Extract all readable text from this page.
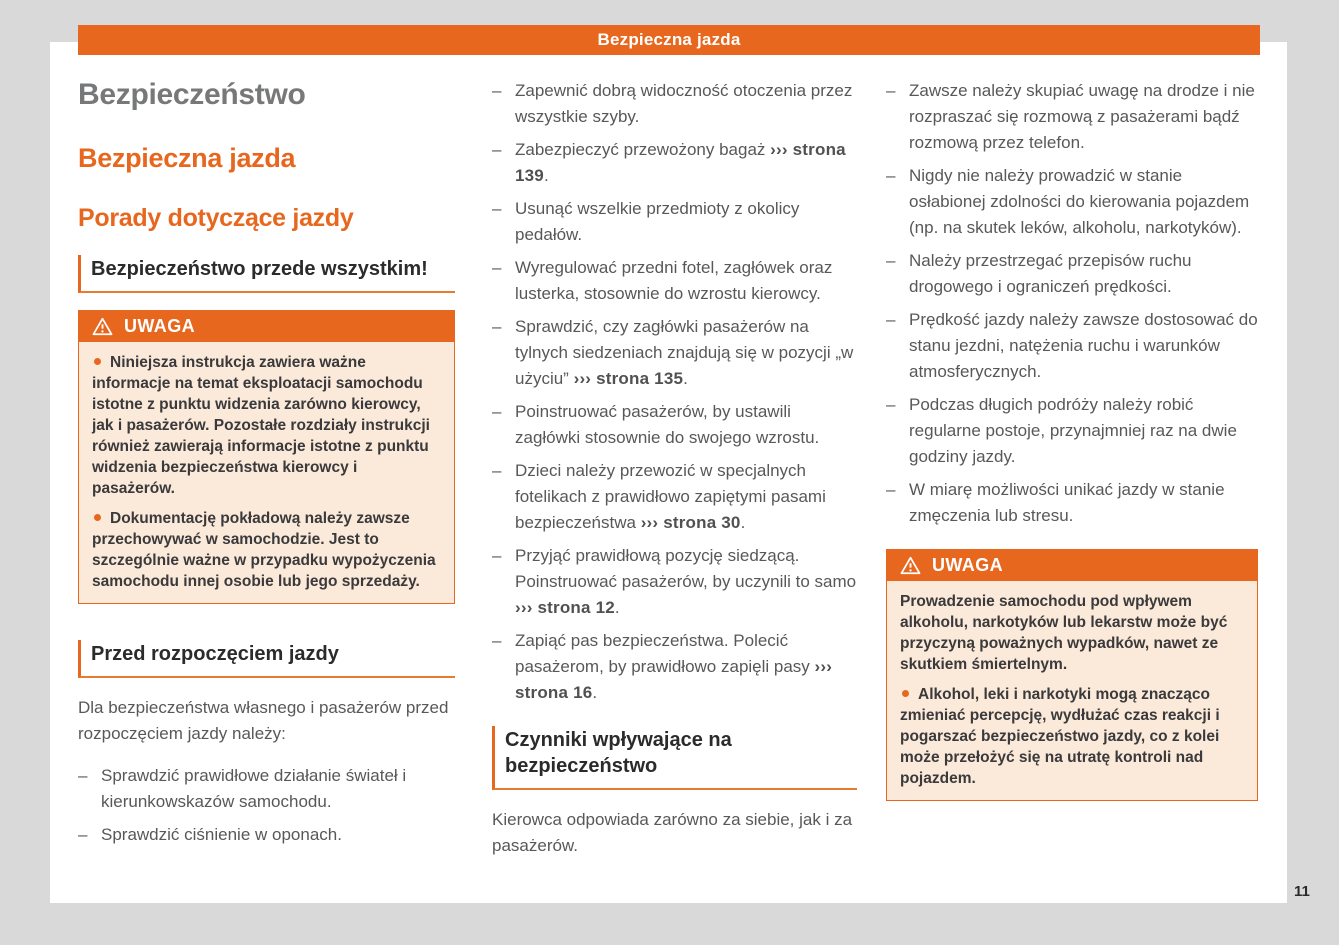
Bezpieczna jazda
Bezpieczeństwo
Bezpieczna jazda
Porady dotyczące jazdy
Bezpieczeństwo przede wszystkim!
UWAGA

Niniejsza instrukcja zawiera ważne informacje na temat eksploatacji samochodu istotne z punktu widzenia zarówno kierowcy, jak i pasażerów. Pozostałe rozdziały instrukcji również zawierają informacje istotne z punktu widzenia bezpieczeństwa kierowcy i pasażerów.

Dokumentację pokładową należy zawsze przechowywać w samochodzie. Jest to szczególnie ważne w przypadku wypożyczenia samochodu innej osobie lub jego sprzedaży.

Przed rozpoczęciem jazdy

Dla bezpieczeństwa własnego i pasażerów przed rozpoczęciem jazdy należy:

– Sprawdzić prawidłowe działanie świateł i kierunkowskazów samochodu.
– Sprawdzić ciśnienie w oponach.
– Zapewnić dobrą widoczność otoczenia przez wszystkie szyby.
– Zabezpieczyć przewożony bagaż ››› strona 139.
– Usunąć wszelkie przedmioty z okolicy pedałów.
– Wyregulować przedni fotel, zagłówek oraz lusterka, stosownie do wzrostu kierowcy.
– Sprawdzić, czy zagłówki pasażerów na tylnych siedzeniach znajdują się w pozycji „w użyciu” ››› strona 135.
– Poinstruować pasażerów, by ustawili zagłówki stosownie do swojego wzrostu.
– Dzieci należy przewozić w specjalnych fotelikach z prawidłowo zapiętymi pasami bezpieczeństwa ››› strona 30.
– Przyjąć prawidłową pozycję siedzącą. Poinstruować pasażerów, by uczynili to samo ››› strona 12.
– Zapiąć pas bezpieczeństwa. Polecić pasażerom, by prawidłowo zapięli pasy ››› strona 16.
Czynniki wpływające na bezpieczeństwo

Kierowca odpowiada zarówno za siebie, jak i za pasażerów.

– Zawsze należy skupiać uwagę na drodze i nie rozpraszać się rozmową z pasażerami bądź rozmową przez telefon.
– Nigdy nie należy prowadzić w stanie osłabionej zdolności do kierowania pojazdem (np. na skutek leków, alkoholu, narkotyków).
– Należy przestrzegać przepisów ruchu drogowego i ograniczeń prędkości.
– Prędkość jazdy należy zawsze dostosować do stanu jezdni, natężenia ruchu i warunków atmosferycznych.
– Podczas długich podróży należy robić regularne postoje, przynajmniej raz na dwie godziny jazdy.
– W miarę możliwości unikać jazdy w stanie zmęczenia lub stresu.
UWAGA

Prowadzenie samochodu pod wpływem alkoholu, narkotyków lub lekarstw może być przyczyną poważnych wypadków, nawet ze skutkiem śmiertelnym.

Alkohol, leki i narkotyki mogą znacząco zmieniać percepcję, wydłużać czas reakcji i pogarszać bezpieczeństwo jazdy, co z kolei może przełożyć się na utratę kontroli nad pojazdem.

11
